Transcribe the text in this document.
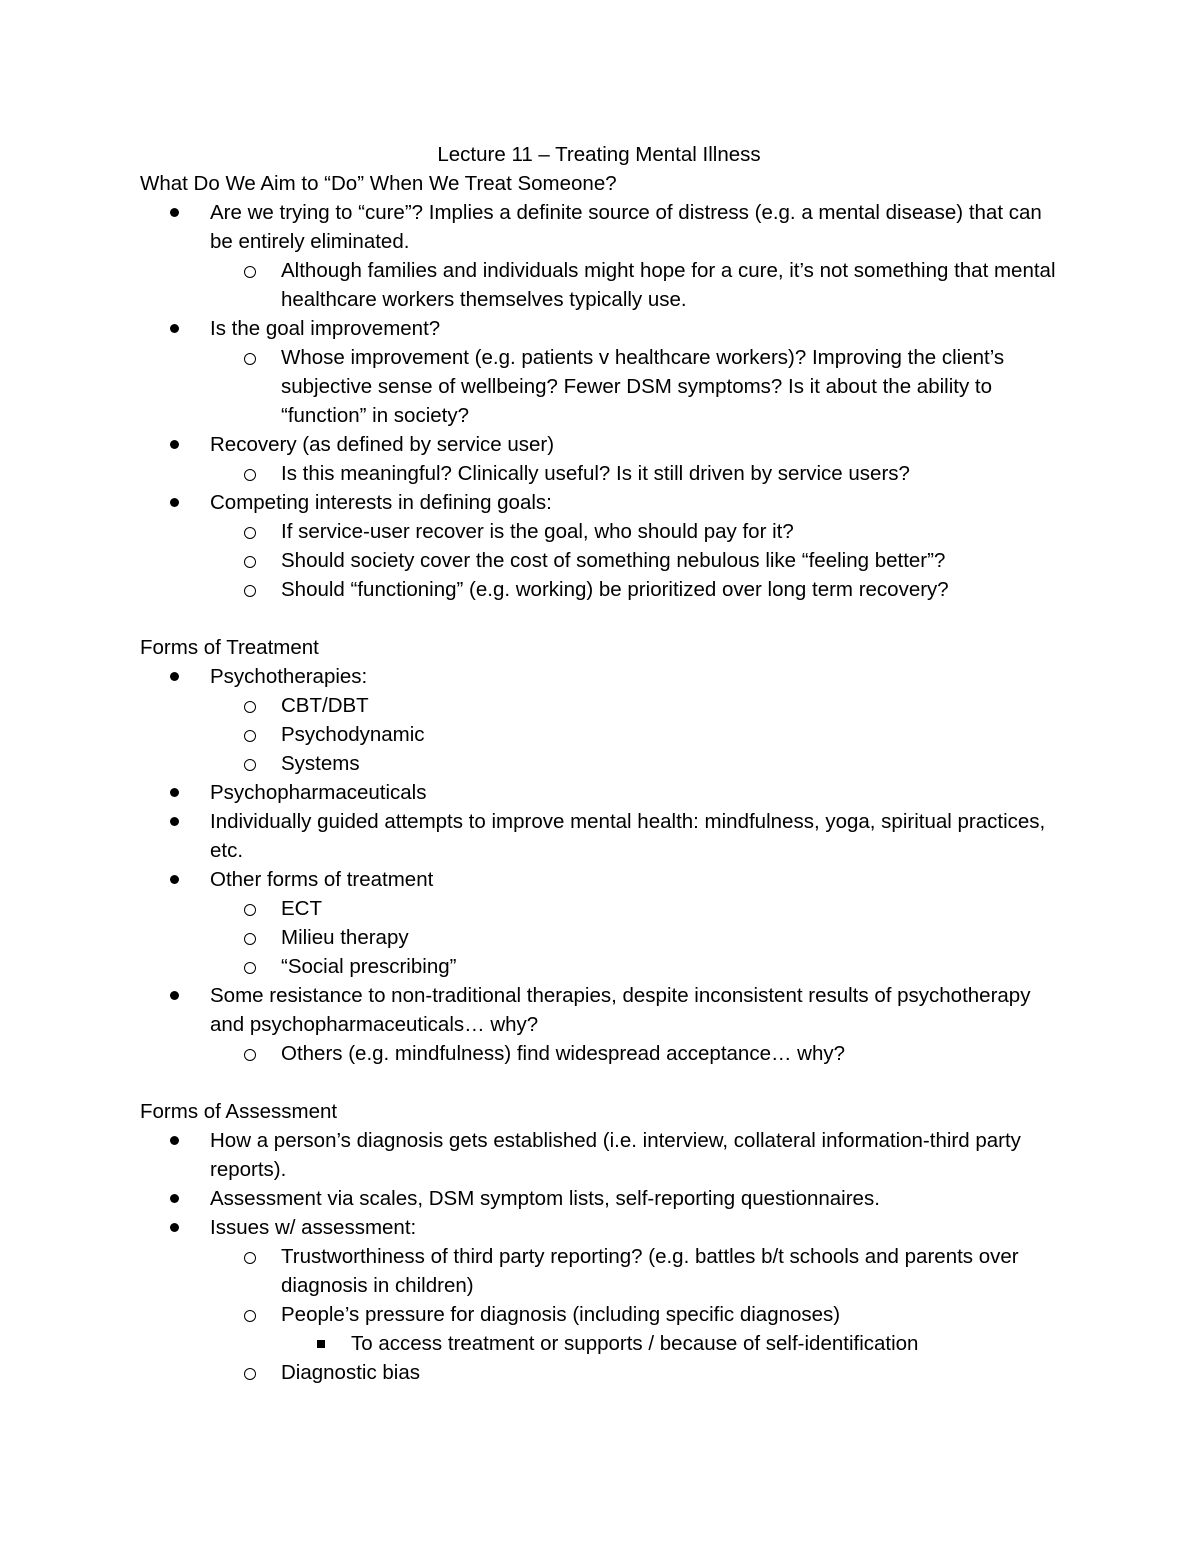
Lecture 11 – Treating Mental Illness

What Do We Aim to “Do” When We Treat Someone?

Are we trying to “cure”? Implies a definite source of distress (e.g. a mental disease) that can be entirely eliminated.
Although families and individuals might hope for a cure, it’s not something that mental healthcare workers themselves typically use.
Is the goal improvement?
Whose improvement (e.g. patients v healthcare workers)? Improving the client’s subjective sense of wellbeing? Fewer DSM symptoms? Is it about the ability to “function” in society?
Recovery (as defined by service user)
Is this meaningful? Clinically useful? Is it still driven by service users?
Competing interests in defining goals:
If service-user recover is the goal, who should pay for it?
Should society cover the cost of something nebulous like “feeling better”?
Should “functioning” (e.g. working) be prioritized over long term recovery?

Forms of Treatment

Psychotherapies:
CBT/DBT
Psychodynamic
Systems
Psychopharmaceuticals
Individually guided attempts to improve mental health: mindfulness, yoga, spiritual practices, etc.
Other forms of treatment
ECT
Milieu therapy
“Social prescribing”
Some resistance to non-traditional therapies, despite inconsistent results of psychotherapy and psychopharmaceuticals… why?
Others (e.g. mindfulness) find widespread acceptance… why?

Forms of Assessment

How a person’s diagnosis gets established (i.e. interview, collateral information-third party reports).
Assessment via scales, DSM symptom lists, self-reporting questionnaires.
Issues w/ assessment:
Trustworthiness of third party reporting? (e.g. battles b/t schools and parents over diagnosis in children)
People’s pressure for diagnosis (including specific diagnoses)
To access treatment or supports / because of self-identification
Diagnostic bias
